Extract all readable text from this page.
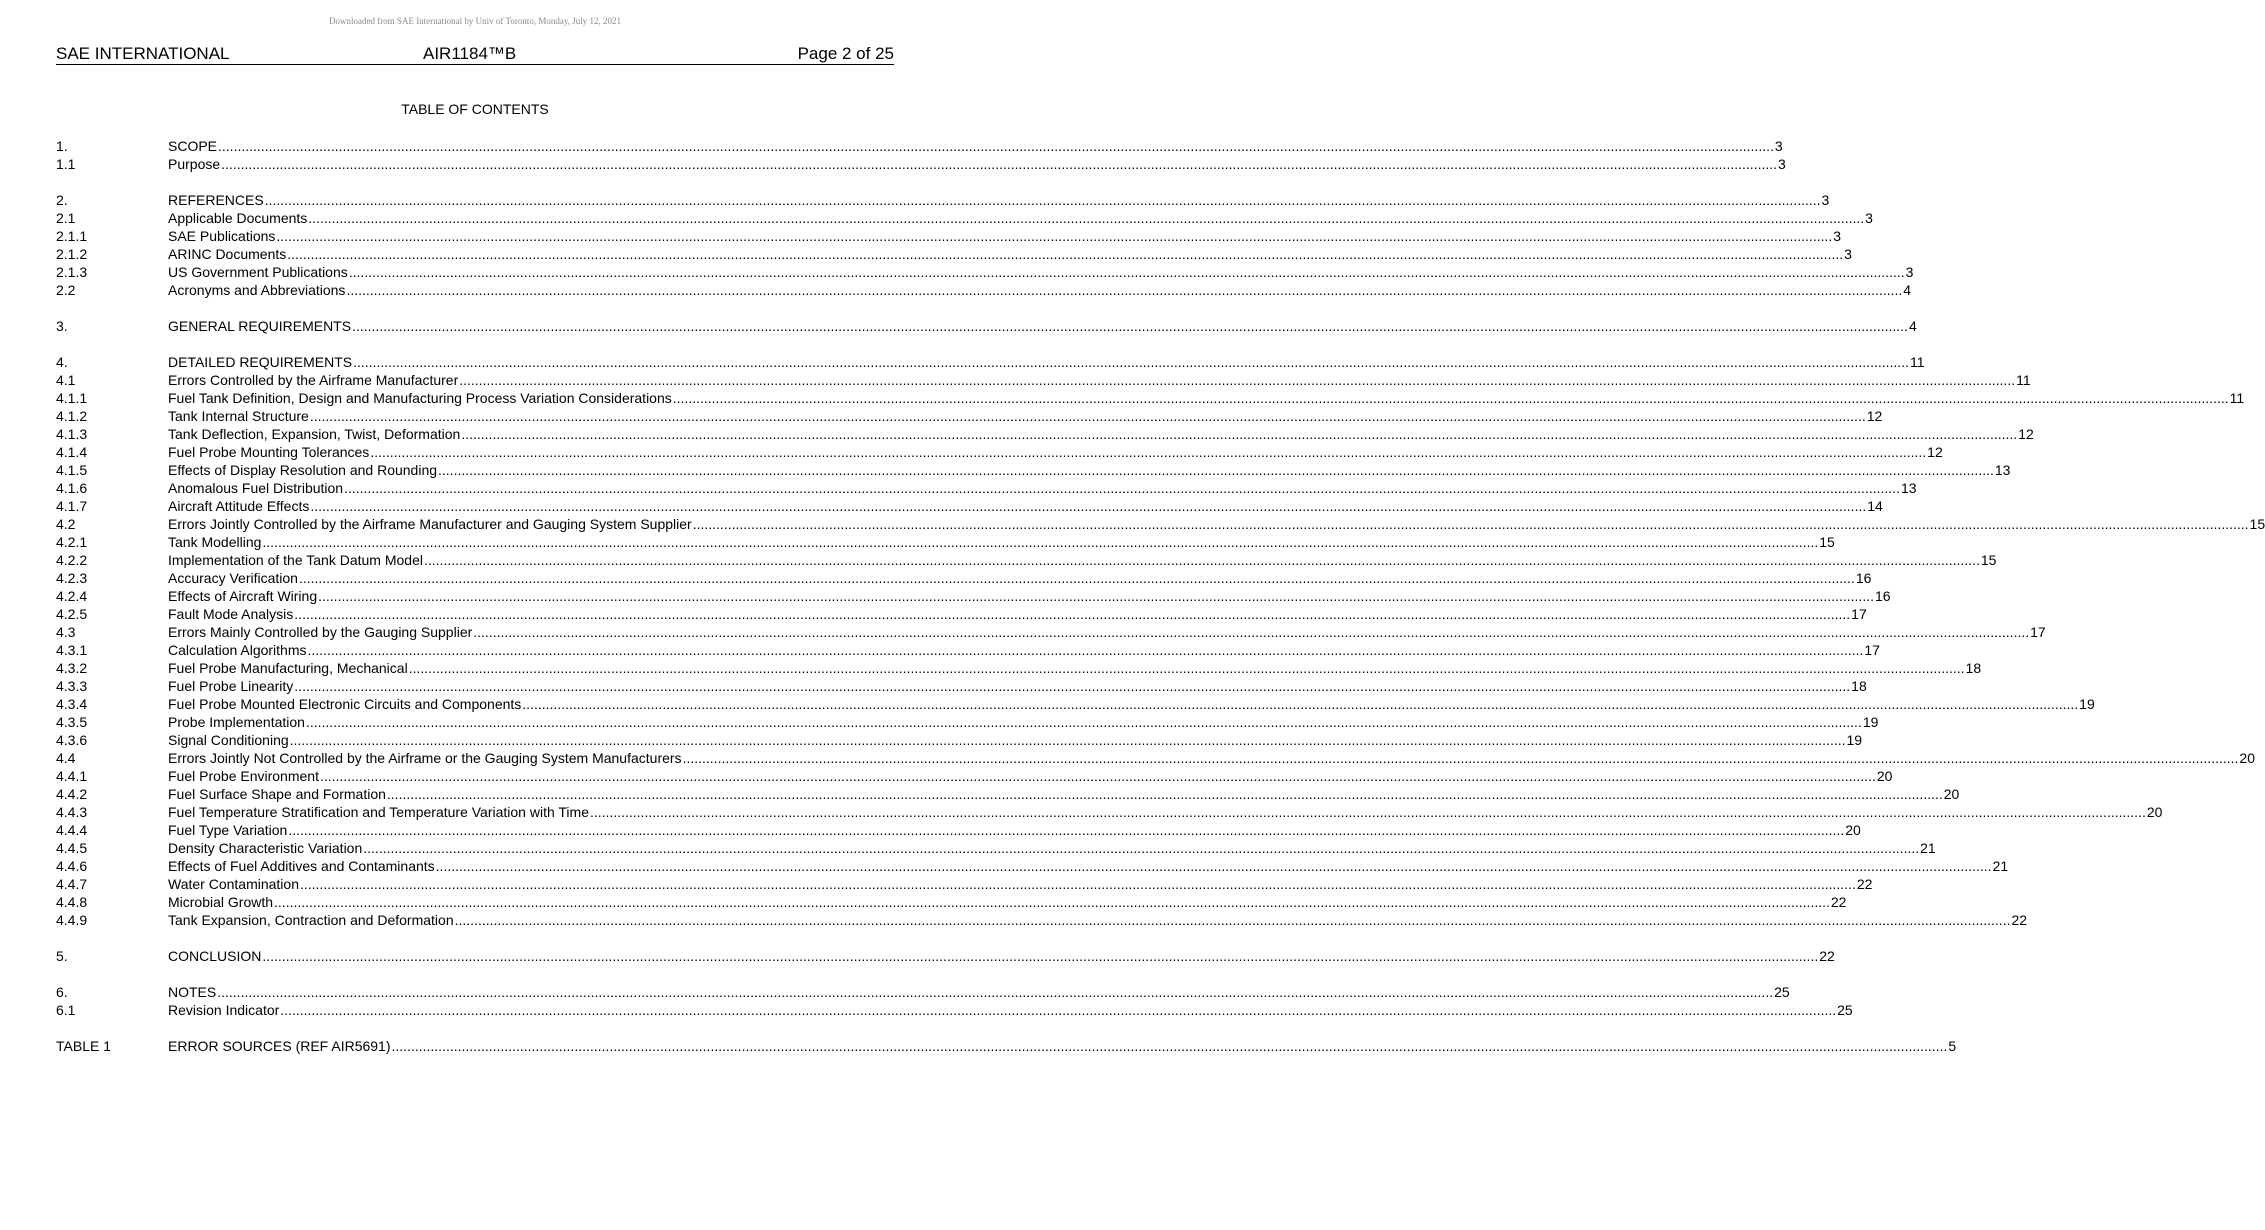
Downloaded from SAE International by Univ of Toronto, Monday, July 12, 2021
SAE INTERNATIONAL	AIR1184™B	Page 2 of 25
TABLE OF CONTENTS
1.	SCOPE ................................................................................................................................................................................................................................................................................................................................................................................................................ 3
1.1	Purpose ................................................................................................................................................................................................................................................................................................................................................................................................................ 3
2.	REFERENCES ................................................................................................................................................................................................................................................................................................................................................................................................................ 3
2.1	Applicable Documents ................................................................................................................................................................................................................................................................................................................................................................................................................ 3
2.1.1	SAE Publications ................................................................................................................................................................................................................................................................................................................................................................................................................ 3
2.1.2	ARINC Documents ................................................................................................................................................................................................................................................................................................................................................................................................................ 3
2.1.3	US Government Publications ................................................................................................................................................................................................................................................................................................................................................................................................................ 3
2.2	Acronyms and Abbreviations ................................................................................................................................................................................................................................................................................................................................................................................................................ 4
3.	GENERAL REQUIREMENTS ................................................................................................................................................................................................................................................................................................................................................................................................................ 4
4.	DETAILED REQUIREMENTS ................................................................................................................................................................................................................................................................................................................................................................................................................ 11
4.1	Errors Controlled by the Airframe Manufacturer ................................................................................................................................................................................................................................................................................................................................................................................................................ 11
4.1.1	Fuel Tank Definition, Design and Manufacturing Process Variation Considerations ................................................................................................................................................................................................................................................................................................................................................................................................................ 11
4.1.2	Tank Internal Structure ................................................................................................................................................................................................................................................................................................................................................................................................................ 12
4.1.3	Tank Deflection, Expansion, Twist, Deformation ................................................................................................................................................................................................................................................................................................................................................................................................................ 12
4.1.4	Fuel Probe Mounting Tolerances ................................................................................................................................................................................................................................................................................................................................................................................................................ 12
4.1.5	Effects of Display Resolution and Rounding ................................................................................................................................................................................................................................................................................................................................................................................................................ 13
4.1.6	Anomalous Fuel Distribution ................................................................................................................................................................................................................................................................................................................................................................................................................ 13
4.1.7	Aircraft Attitude Effects ................................................................................................................................................................................................................................................................................................................................................................................................................ 14
4.2	Errors Jointly Controlled by the Airframe Manufacturer and Gauging System Supplier ................................................................................................................................................................................................................................................................................................................................................................................................................ 15
4.2.1	Tank Modelling ................................................................................................................................................................................................................................................................................................................................................................................................................ 15
4.2.2	Implementation of the Tank Datum Model ................................................................................................................................................................................................................................................................................................................................................................................................................ 15
4.2.3	Accuracy Verification ................................................................................................................................................................................................................................................................................................................................................................................................................ 16
4.2.4	Effects of Aircraft Wiring ................................................................................................................................................................................................................................................................................................................................................................................................................ 16
4.2.5	Fault Mode Analysis ................................................................................................................................................................................................................................................................................................................................................................................................................ 17
4.3	Errors Mainly Controlled by the Gauging Supplier ................................................................................................................................................................................................................................................................................................................................................................................................................ 17
4.3.1	Calculation Algorithms ................................................................................................................................................................................................................................................................................................................................................................................................................ 17
4.3.2	Fuel Probe Manufacturing, Mechanical ................................................................................................................................................................................................................................................................................................................................................................................................................ 18
4.3.3	Fuel Probe Linearity ................................................................................................................................................................................................................................................................................................................................................................................................................ 18
4.3.4	Fuel Probe Mounted Electronic Circuits and Components ................................................................................................................................................................................................................................................................................................................................................................................................................ 19
4.3.5	Probe Implementation ................................................................................................................................................................................................................................................................................................................................................................................................................ 19
4.3.6	Signal Conditioning ................................................................................................................................................................................................................................................................................................................................................................................................................ 19
4.4	Errors Jointly Not Controlled by the Airframe or the Gauging System Manufacturers ................................................................................................................................................................................................................................................................................................................................................................................................................ 20
4.4.1	Fuel Probe Environment ................................................................................................................................................................................................................................................................................................................................................................................................................ 20
4.4.2	Fuel Surface Shape and Formation ................................................................................................................................................................................................................................................................................................................................................................................................................ 20
4.4.3	Fuel Temperature Stratification and Temperature Variation with Time ................................................................................................................................................................................................................................................................................................................................................................................................................ 20
4.4.4	Fuel Type Variation ................................................................................................................................................................................................................................................................................................................................................................................................................ 20
4.4.5	Density Characteristic Variation ................................................................................................................................................................................................................................................................................................................................................................................................................ 21
4.4.6	Effects of Fuel Additives and Contaminants ................................................................................................................................................................................................................................................................................................................................................................................................................ 21
4.4.7	Water Contamination ................................................................................................................................................................................................................................................................................................................................................................................................................ 22
4.4.8	Microbial Growth ................................................................................................................................................................................................................................................................................................................................................................................................................ 22
4.4.9	Tank Expansion, Contraction and Deformation ................................................................................................................................................................................................................................................................................................................................................................................................................ 22
5.	CONCLUSION ................................................................................................................................................................................................................................................................................................................................................................................................................ 22
6.	NOTES ................................................................................................................................................................................................................................................................................................................................................................................................................ 25
6.1	Revision Indicator ................................................................................................................................................................................................................................................................................................................................................................................................................ 25
TABLE 1	ERROR SOURCES (REF AIR5691) ................................................................................................................................................................................................................................................................................................................................................................................................................ 5
